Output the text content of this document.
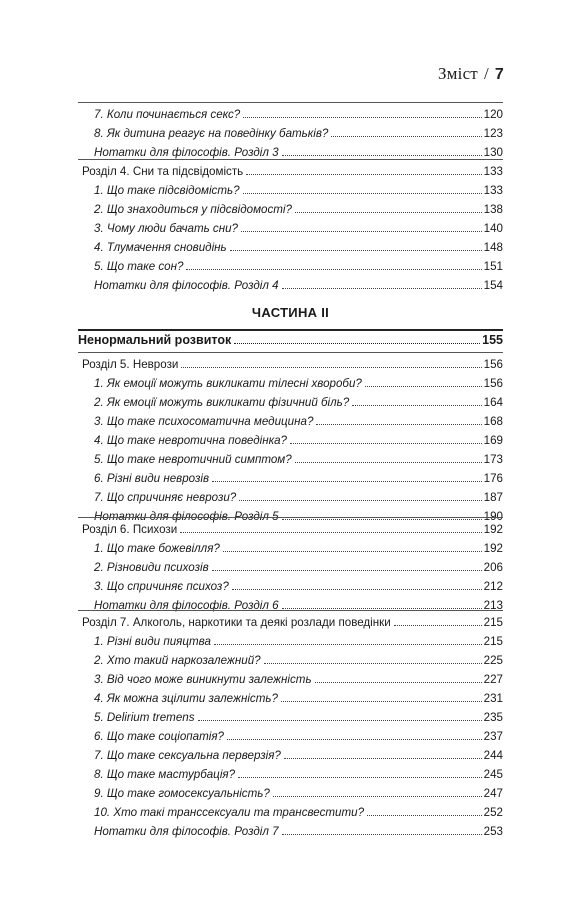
Зміст / 7
7. Коли починається секс?	120
8. Як дитина реагує на поведінку батьків?	123
Нотатки для філософів. Розділ 3	130
Розділ 4. Сни та підсвідомість	133
1. Що таке підсвідомість?	133
2. Що знаходиться у підсвідомості?	138
3. Чому люди бачать сни?	140
4. Тлумачення сновидінь	148
5. Що таке сон?	151
Нотатки для філософів. Розділ 4	154
ЧАСТИНА II
Ненормальний розвиток	155
Розділ 5. Неврози	156
1. Як емоції можуть викликати тілесні хвороби?	156
2. Як емоції можуть викликати фізичний біль?	164
3. Що таке психосоматична медицина?	168
4. Що таке невротична поведінка?	169
5. Що таке невротичний симптом?	173
6. Різні види неврозів	176
7. Що спричиняє неврози?	187
Нотатки для філософів. Розділ 5	190
Розділ 6. Психози	192
1. Що таке божевілля?	192
2. Різновиди психозів	206
3. Що спричиняє психоз?	212
Нотатки для філософів. Розділ 6	213
Розділ 7. Алкоголь, наркотики та деякі розлади поведінки	215
1. Різні види пияцтва	215
2. Хто такий наркозалежний?	225
3. Від чого може виникнути залежність	227
4. Як можна зцілити залежність?	231
5. Delirium tremens	235
6. Що таке соціопатія?	237
7. Що таке сексуальна перверзія?	244
8. Що таке мастурбація?	245
9. Що таке гомосексуальність?	247
10. Хто такі транссексуали та трансвестити?	252
Нотатки для філософів. Розділ 7	253
